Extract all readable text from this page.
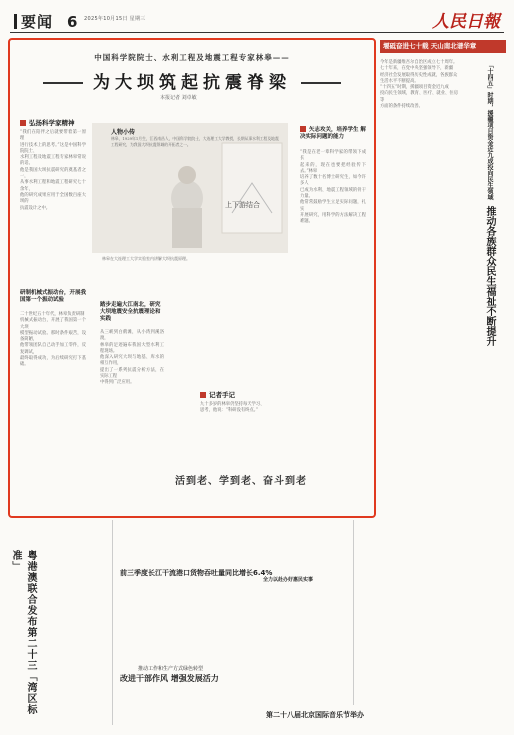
要闻 6 2025年10月15日 星期三	人民日報
中国科学院院士、水利工程及地震工程专家林皋——
为大坝筑起抗震脊梁
本报记者 刘卓敏
弘扬科学家精神
“我们在陪伴之后就要带着第一原理
进行技术上的思考。”这是中国科学院院士、
水利工程及地震工程专家林皋常说的话。
他是我国大坝抗震研究的奠基者之一，
从事水利工程和地震工程研究七十余年，
他的研究成果应用于全国数百座大坝的
抗震设计之中。
研制机械式振动台，开展我国第一个振动试验
二十世纪五十年代，林皋负责研制
机械式振动台，开展了我国第一个大坝
模型振动试验。那时条件艰苦，设备简陋，
他带领团队自己动手加工零件，反复调试，
最终取得成功，为后续研究打下基础。
人物小传
林皋，1929年1月生，江西南昌人，中国科学院院士，大连理工大学教授，长期从事水利工程及地震工程研究，为我国大坝抗震领域的开拓者之一。
上下游结合
林皋在大连理工大学实验室内讲解大坝抗震原理。
矢志攻关，培养学生 解决实际问题的能力
“我是在老一辈科学家的带领下成长
起来的，现在也要把经验传下去。”林皋
培养了数十名博士研究生，如今许多人
已成为水利、地震工程领域的骨干力量。
他常常鼓励学生立足实际问题，扎实
开展研究，用科学的方法解决工程难题。
踏步走遍大江南北，研究大坝地震安全抗震理论和实践
从三峡到白鹤滩，从小湾到溪洛渡，
林皋的足迹遍布我国大型水利工程现场。
他深入研究大坝与地基、库水的相互作用，
提出了一系列抗震分析方法，在实际工程
中得到广泛应用。
记者手记
九十多岁的林皋仍坚持每天学习、
思考，他说：“科研没有终点。”
活到老、学到老、奋斗到老
堰砥奋进七十载 天山南北谱华章
「十四五」时期，援疆项目资金近九成投向民生领域 推动各族群众民生福祉不断提升
今年是新疆维吾尔自治区成立七十周年。
七十年来，在党中央坚强领导下，新疆
经济社会发展取得历史性成就，各族群众
生活水平不断提高。
“十四五”时期，援疆项目资金近九成
投向民生领域，教育、医疗、就业、住房等
方面的条件持续改善。
粤港澳联合发布第二十三「湾区标准」
前三季度长江干流港口货物吞吐量同比增长6.4%
推动工作和生产方式绿色转型
改进干部作风 增强发展活力
全力以赴办好惠民实事
第二十八届北京国际音乐节举办
